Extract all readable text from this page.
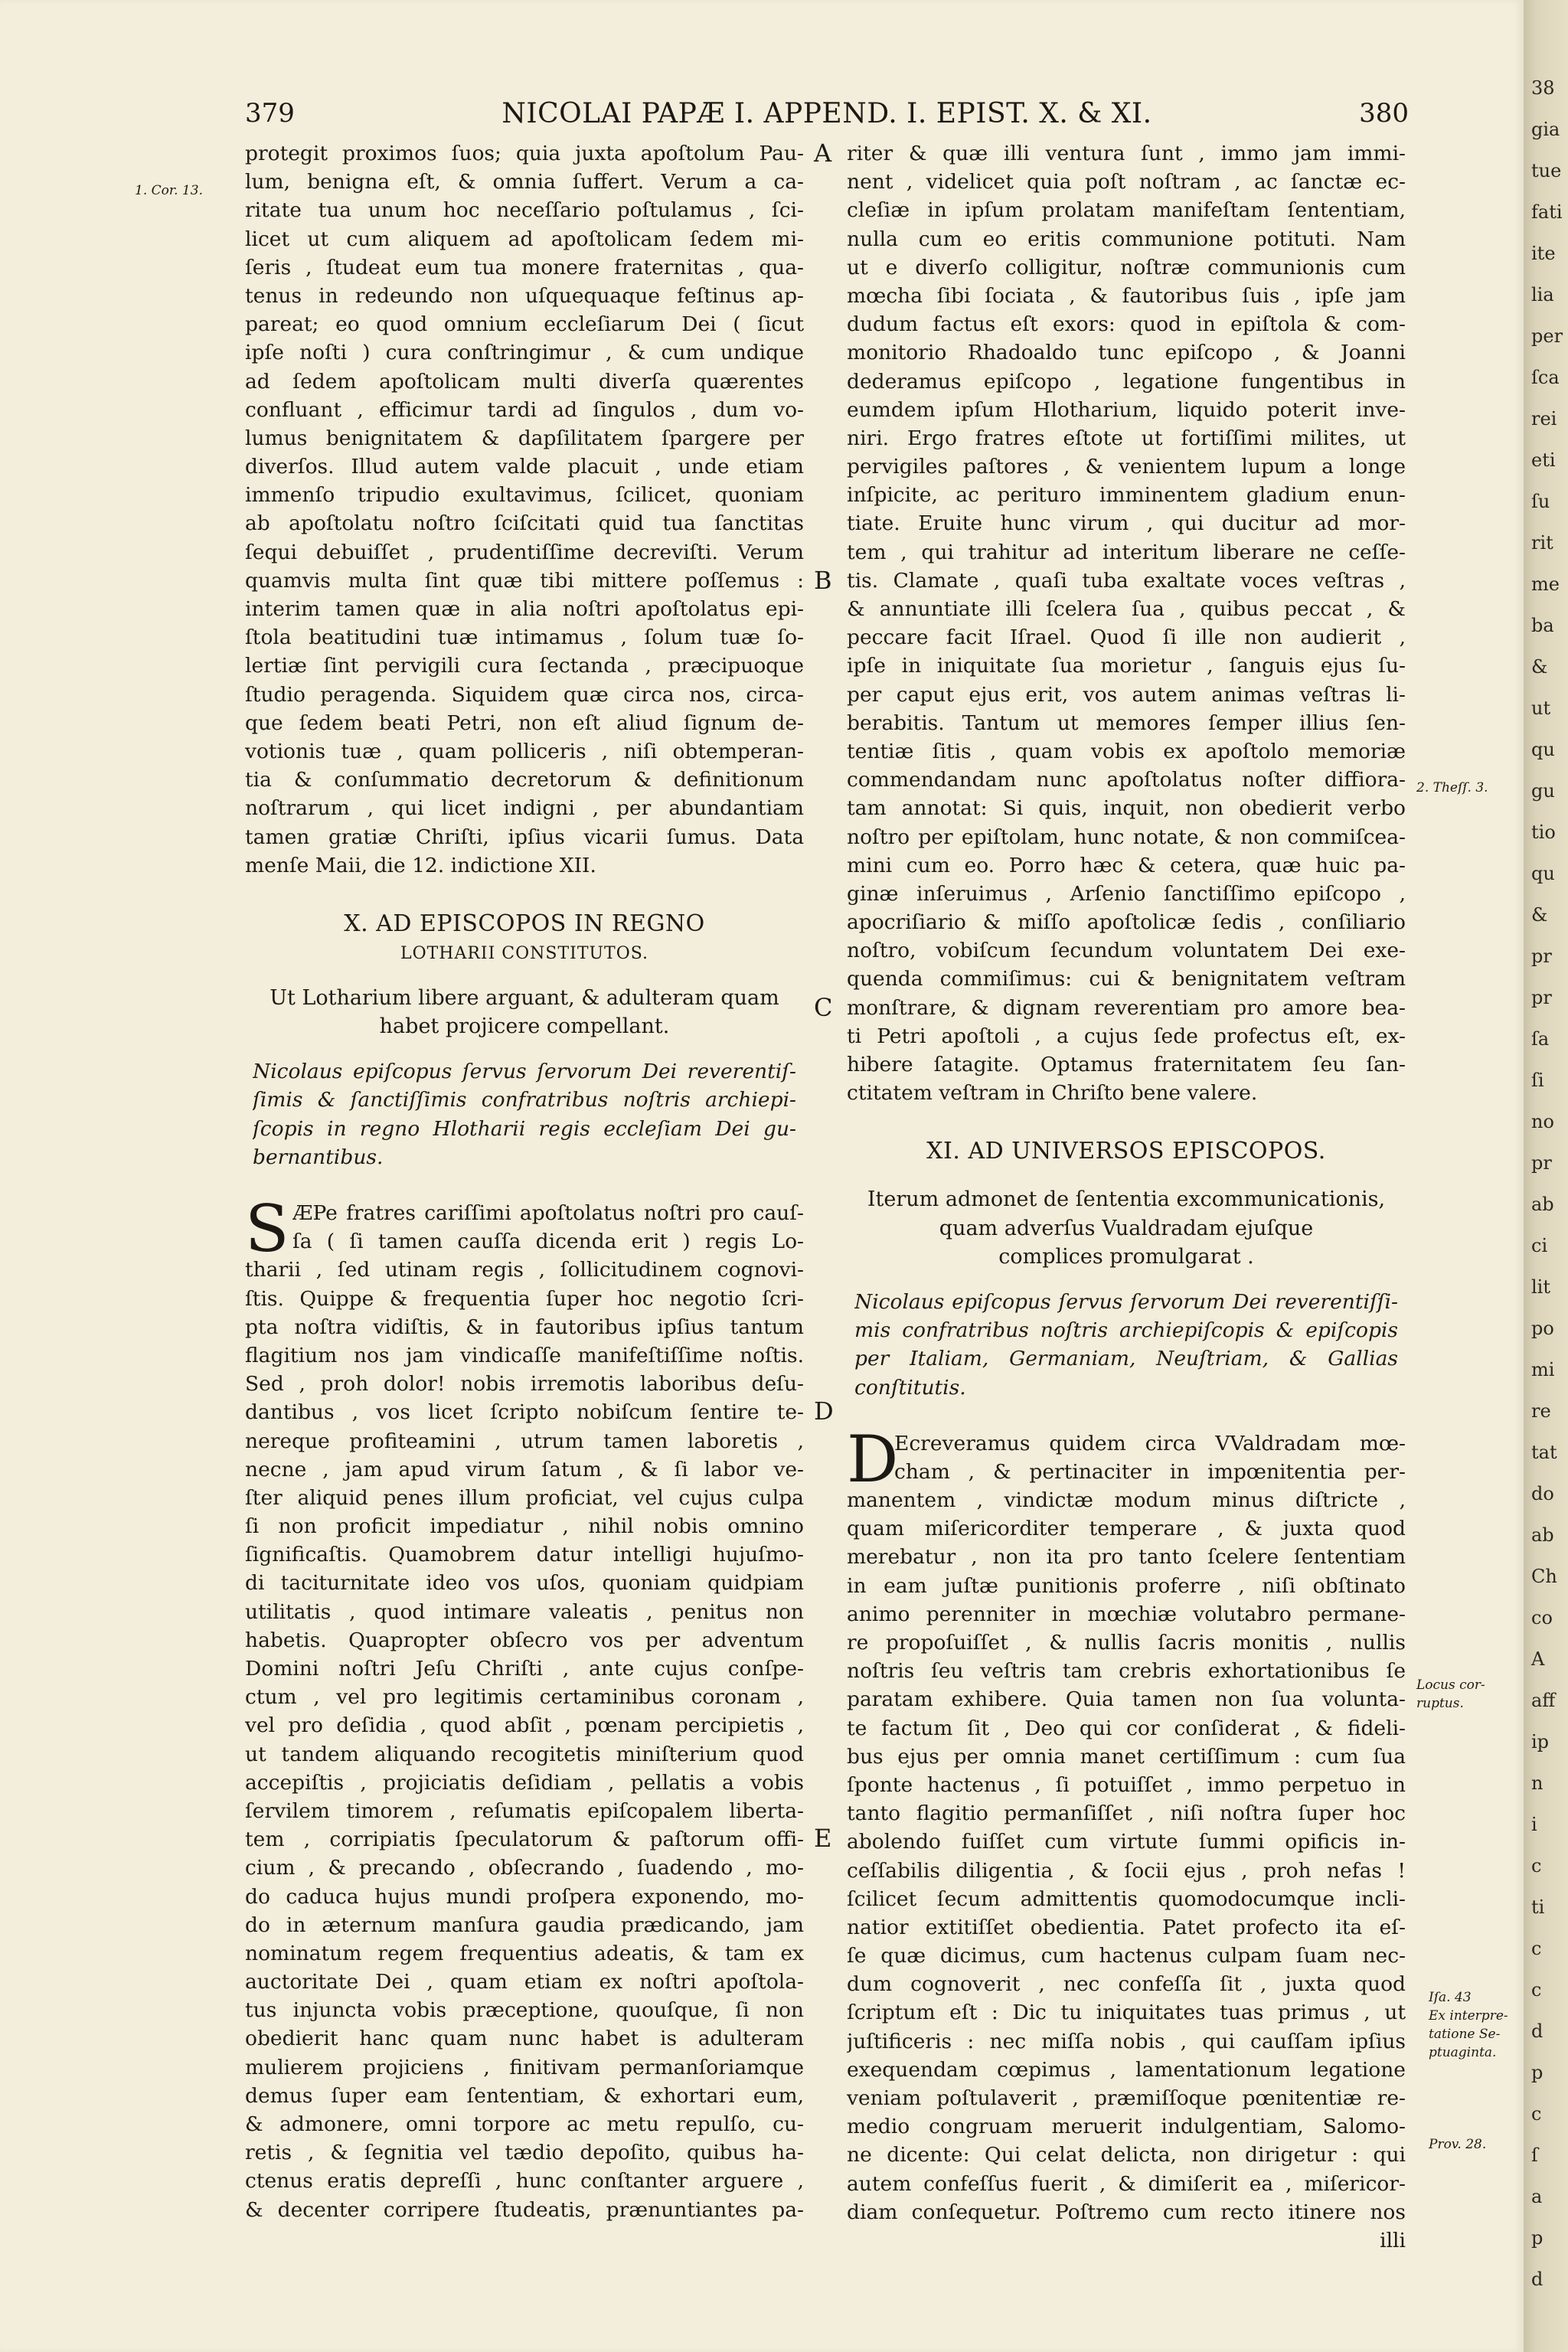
379	NICOLAI PAPÆ I. APPEND. I. EPIST. X. & XI.	380
protegit proximos ſuos; quia juxta apoſtolum Pau-
lum, benigna eſt, & omnia ſuffert. Verum a ca-
ritate tua unum hoc neceſſario poſtulamus , ſci-
licet ut cum aliquem ad apoſtolicam ſedem mi-
ſeris , ſtudeat eum tua monere fraternitas , qua-
tenus in redeundo non uſquequaque feſtinus ap-
pareat; eo quod omnium eccleſiarum Dei ( ſicut
ipſe noſti ) cura conſtringimur , & cum undique
ad ſedem apoſtolicam multi diverſa quærentes
confluant , efficimur tardi ad ſingulos , dum vo-
lumus benignitatem & dapſilitatem ſpargere per
diverſos. Illud autem valde placuit , unde etiam
immenſo tripudio exultavimus, ſcilicet, quoniam
ab apoſtolatu noſtro ſciſcitati quid tua ſanctitas
ſequi debuiſſet , prudentiſſime decreviſti. Verum
quamvis multa ſint quæ tibi mittere poſſemus :
interim tamen quæ in alia noſtri apoſtolatus epi-
ſtola beatitudini tuæ intimamus , ſolum tuæ ſo-
lertiæ ſint pervigili cura ſectanda , præcipuoque
ſtudio peragenda. Siquidem quæ circa nos, circa-
que ſedem beati Petri, non eſt aliud ſignum de-
votionis tuæ , quam polliceris , niſi obtemperan-
tia & conſummatio decretorum & definitionum
noſtrarum , qui licet indigni , per abundantiam
tamen gratiæ Chriſti, ipſius vicarii ſumus. Data
menſe Maii, die 12. indictione XII.
X. AD EPISCOPOS IN REGNO
LOTHARII CONSTITUTOS.
Ut Lotharium libere arguant, & adulteram quam
habet projicere compellant.
Nicolaus epiſcopus ſervus ſervorum Dei reverentiſ-
ſimis & ſanctiſſimis confratribus noſtris archiepi-
ſcopis in regno Hlotharii regis eccleſiam Dei gu-
bernantibus.
S ÆPe fratres cariſſimi apoſtolatus noſtri pro cauſ-
ſa ( ſi tamen cauſſa dicenda erit ) regis Lo-
tharii , ſed utinam regis , ſollicitudinem cognovi-
ſtis. Quippe & frequentia ſuper hoc negotio ſcri-
pta noſtra vidiſtis, & in fautoribus ipſius tantum
flagitium nos jam vindicaſſe manifeſtiſſime noſtis.
Sed , proh dolor! nobis irremotis laboribus deſu-
dantibus , vos licet ſcripto nobiſcum ſentire te-
nereque profiteamini , utrum tamen laboretis ,
necne , jam apud virum ſatum , & ſi labor ve-
ſter aliquid penes illum proficiat, vel cujus culpa
ſi non proficit impediatur , nihil nobis omnino
ſignificaſtis. Quamobrem datur intelligi hujuſmo-
di taciturnitate ideo vos uſos, quoniam quidpiam
utilitatis , quod intimare valeatis , penitus non
habetis. Quapropter obſecro vos per adventum
Domini noſtri Jeſu Chriſti , ante cujus conſpe-
ctum , vel pro legitimis certaminibus coronam ,
vel pro deſidia , quod abſit , pœnam percipietis ,
ut tandem aliquando recogitetis miniſterium quod
accepiſtis , projiciatis deſidiam , pellatis a vobis
ſervilem timorem , reſumatis epiſcopalem liberta-
tem , corripiatis ſpeculatorum & paſtorum offi-
cium , & precando , obſecrando , ſuadendo , mo-
do caduca hujus mundi proſpera exponendo, mo-
do in æternum manſura gaudia prædicando, jam
nominatum regem frequentius adeatis, & tam ex
auctoritate Dei , quam etiam ex noſtri apoſtola-
tus injuncta vobis præceptione, quouſque, ſi non
obedierit hanc quam nunc habet is adulteram
mulierem projiciens , finitivam permanſoriamque
demus ſuper eam ſententiam, & exhortari eum,
& admonere, omni torpore ac metu repulſo, cu-
retis , & ſegnitia vel tædio depoſito, quibus ha-
ctenus eratis depreſſi , hunc conſtanter arguere ,
& decenter corripere ſtudeatis, prænuntiantes pa-
riter & quæ illi ventura ſunt , immo jam immi-
nent , videlicet quia poſt noſtram , ac ſanctæ ec-
cleſiæ in ipſum prolatam manifeſtam ſententiam,
nulla cum eo eritis communione potituti. Nam
ut e diverſo colligitur, noſtræ communionis cum
mœcha ſibi ſociata , & fautoribus ſuis , ipſe jam
dudum factus eſt exors: quod in epiſtola & com-
monitorio Rhadoaldo tunc epiſcopo , & Joanni
dederamus epiſcopo , legatione fungentibus in
eumdem ipſum Hlotharium, liquido poterit inve-
niri. Ergo fratres eſtote ut fortiſſimi milites, ut
pervigiles paſtores , & venientem lupum a longe
inſpicite, ac perituro imminentem gladium enun-
tiate. Eruite hunc virum , qui ducitur ad mor-
tem , qui trahitur ad interitum liberare ne ceſſe-
tis. Clamate , quaſi tuba exaltate voces veſtras ,
& annuntiate illi ſcelera ſua , quibus peccat , &
peccare facit Iſrael. Quod ſi ille non audierit ,
ipſe in iniquitate ſua morietur , ſanguis ejus ſu-
per caput ejus erit, vos autem animas veſtras li-
berabitis. Tantum ut memores ſemper illius ſen-
tentiæ ſitis , quam vobis ex apoſtolo memoriæ
commendandam nunc apoſtolatus noſter diffiora-
tam annotat: Si quis, inquit, non obedierit verbo
noſtro per epiſtolam, hunc notate, & non commiſcea-
mini cum eo. Porro hæc & cetera, quæ huic pa-
ginæ inſeruimus , Arſenio ſanctiſſimo epiſcopo ,
apocriſiario & miſſo apoſtolicæ ſedis , conſiliario
noſtro, vobiſcum ſecundum voluntatem Dei exe-
quenda commiſimus: cui & benignitatem veſtram
monſtrare, & dignam reverentiam pro amore bea-
ti Petri apoſtoli , a cujus ſede profectus eſt, ex-
hibere ſatagite. Optamus fraternitatem ſeu ſan-
ctitatem veſtram in Chriſto bene valere.
XI. AD UNIVERSOS EPISCOPOS.
Iterum admonet de ſententia excommunicationis,
quam adverſus Vualdradam ejuſque
complices promulgarat .
Nicolaus epiſcopus ſervus ſervorum Dei reverentiſſi-
mis confratribus noſtris archiepiſcopis & epiſcopis
per Italiam, Germaniam, Neuſtriam, & Gallias
conſtitutis.
D
Ecreveramus quidem circa VValdradam mœ-
cham , & pertinaciter in impœnitentia per-
manentem , vindictæ modum minus diſtricte ,
quam miſericorditer temperare , & juxta quod
merebatur , non ita pro tanto ſcelere ſententiam
in eam juſtæ punitionis proferre , niſi obſtinato
animo perenniter in mœchiæ volutabro permane-
re propoſuiſſet , & nullis ſacris monitis , nullis
noſtris ſeu veſtris tam crebris exhortationibus ſe
paratam exhibere. Quia tamen non ſua volunta-
te factum ſit , Deo qui cor conſiderat , & fideli-
bus ejus per omnia manet certiſſimum : cum ſua
ſponte hactenus , ſi potuiſſet , immo perpetuo in
tanto flagitio permanſiſſet , niſi noſtra ſuper hoc
abolendo fuiſſet cum virtute ſummi opificis in-
ceſſabilis diligentia , & ſocii ejus , proh nefas !
ſcilicet ſecum admittentis quomodocumque incli-
natior extitiſſet obedientia. Patet profecto ita eſ-
ſe quæ dicimus, cum hactenus culpam ſuam nec-
dum cognoverit , nec confeſſa ſit , juxta quod
ſcriptum eſt : Dic tu iniquitates tuas primus , ut
juſtificeris : nec miſſa nobis , qui cauſſam ipſius
exequendam cœpimus , lamentationum legatione
veniam poſtulaverit , præmiſſoque pœnitentiæ re-
medio congruam meruerit indulgentiam, Salomo-
ne dicente: Qui celat delicta, non dirigetur : qui
autem confeſſus fuerit , & dimiſerit ea , miſericor-
diam conſequetur. Poſtremo cum recto itinere nos
illi
A
B
C
D
E
1. Cor. 13.
2. Theſſ. 3.
Locus cor-
ruptus.
Iſa. 43
Ex interpre-
tatione Se-
ptuaginta.
Prov. 28.
38
gia
tue
fati
ite
lia
per
ſca
rei
eti
ſu
rit
me
ba
&
ut
qu
gu
tio
qu
&
pr
pr
ſa
ſi
no
pr
ab
ci
lit
po
mi
re
tat
do
ab
Ch
co
A
aff
ip
n
i
c
ti
c
c
d
p
c
ſ
a
p
d
